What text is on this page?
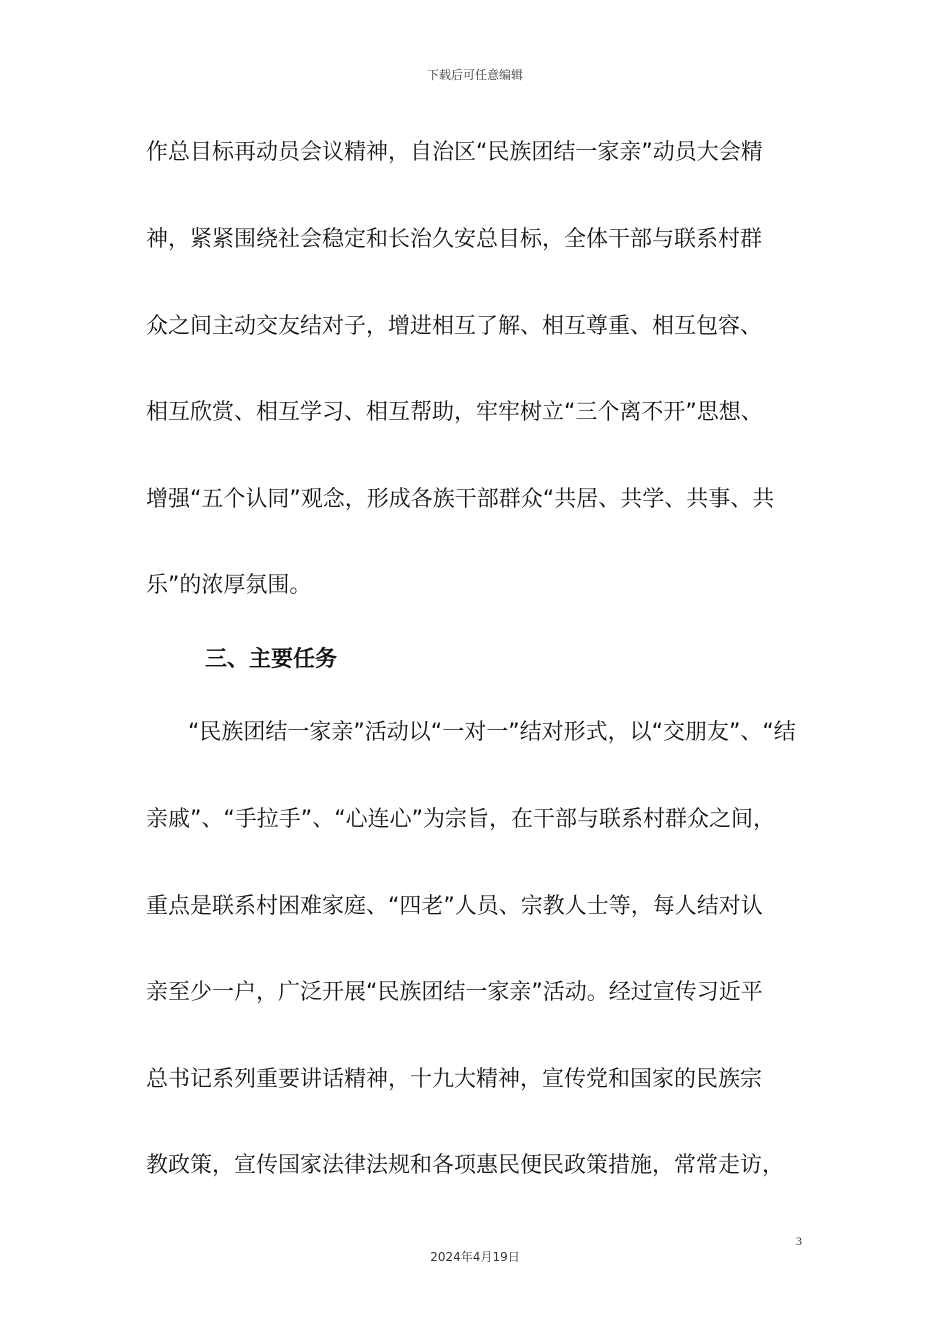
下载后可任意编辑
作总目标再动员会议精神，自治区“民族团结一家亲”动员大会精
神，紧紧围绕社会稳定和长治久安总目标，全体干部与联系村群
众之间主动交友结对子，增进相互了解、相互尊重、相互包容、
相互欣赏、相互学习、相互帮助，牢牢树立“三个离不开”思想、
增强“五个认同”观念，形成各族干部群众“共居、共学、共事、共
乐”的浓厚氛围。
三、主要任务
“民族团结一家亲”活动以“一对一”结对形式，以“交朋友”、“结
亲戚”、“手拉手”、“心连心”为宗旨，在干部与联系村群众之间，
重点是联系村困难家庭、“四老”人员、宗教人士等，每人结对认
亲至少一户，广泛开展“民族团结一家亲”活动。经过宣传习近平
总书记系列重要讲话精神，十九大精神，宣传党和国家的民族宗
教政策，宣传国家法律法规和各项惠民便民政策措施，常常走访，
3
2024年4月19日
